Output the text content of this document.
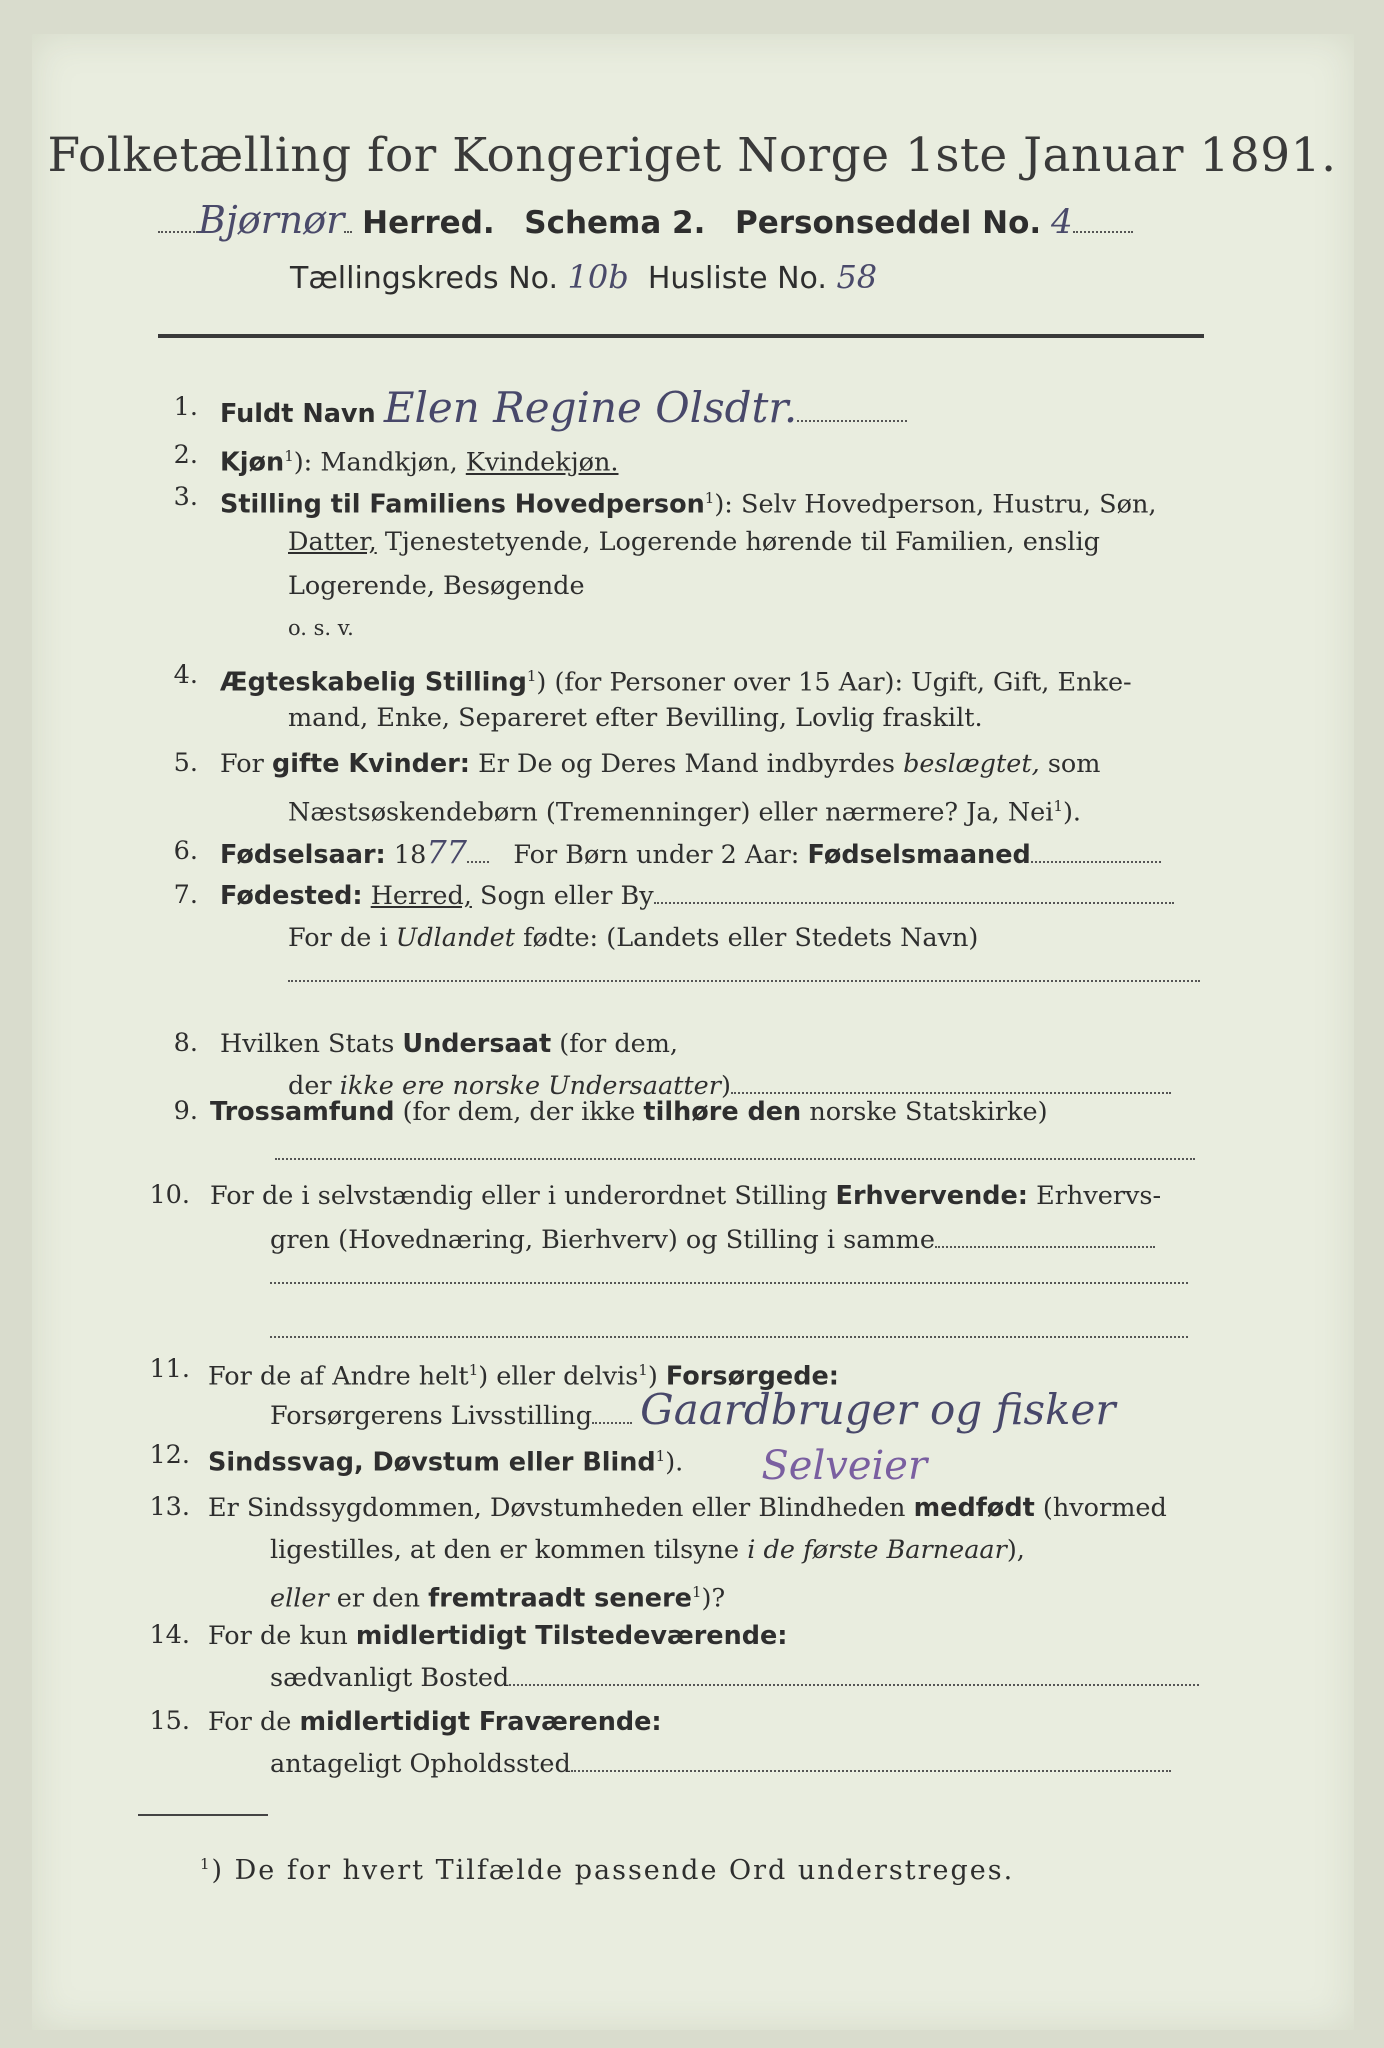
Folketælling for Kongeriget Norge 1ste Januar 1891.
Bjørnør Herred. Schema 2. Personseddel No. 4
Tællingskreds No. 10b Husliste No. 58
1. Fuldt Navn Elen Regine Olsdtr.
2. Kjøn$^1$): Mandkjøn, Kvindekjøn.
3. Stilling til Familiens Hovedperson$^1$): Selv Hovedperson, Hustru, Søn,
Datter, Tjenestetyende, Logerende hørende til Familien, enslig
Logerende, Besøgende
o. s. v.
4. Ægteskabelig Stilling$^1$) (for Personer over 15 Aar): Ugift, Gift, Enke-
mand, Enke, Separeret efter Bevilling, Lovlig fraskilt.
5. For gifte Kvinder: Er De og Deres Mand indbyrdes beslægtet, som
Næstsøskendebørn (Tremenninger) eller nærmere? Ja, Nei$^1$).
6. Fødselsaar: 1877 For Børn under 2 Aar: Fødselsmaaned
7. Fødested: Herred, Sogn eller By
For de i Udlandet fødte: (Landets eller Stedets Navn)
8. Hvilken Stats Undersaat (for dem,
der ikke ere norske Undersaatter)
9. Trossamfund (for dem, der ikke tilhøre den norske Statskirke)
10. For de i selvstændig eller i underordnet Stilling Erhvervende: Erhvervs-
gren (Hovednæring, Bierhverv) og Stilling i samme
11. For de af Andre helt$^1$) eller delvis$^1$) Forsørgede:
Forsørgerens Livsstilling Gaardbruger og fisker
12. Sindssvag, Døvstum eller Blind$^1$). Selveier
13. Er Sindssygdommen, Døvstumheden eller Blindheden medfødt (hvormed
ligestilles, at den er kommen tilsyne i de første Barneaar),
eller er den fremtraadt senere$^1$)?
14. For de kun midlertidigt Tilstedeværende:
sædvanligt Bosted
15. For de midlertidigt Fraværende:
antageligt Opholdssted
$^1$) De for hvert Tilfælde passende Ord understreges.
